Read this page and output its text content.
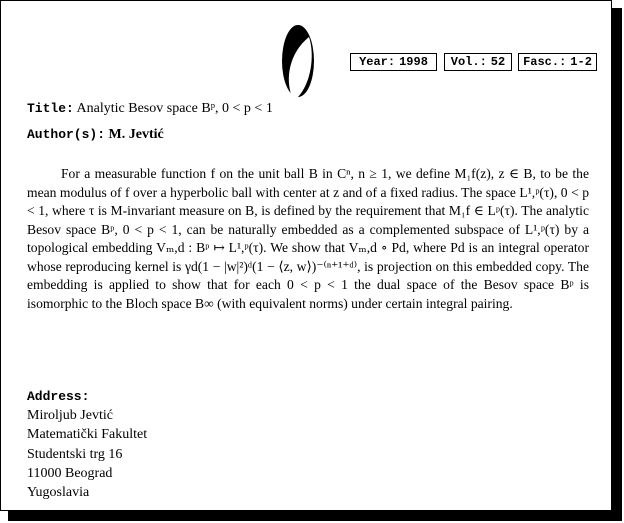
Year: 1998	Vol.: 52	Fasc.: 1-2
Title: Analytic Besov space Bᵖ, 0 < p < 1
Author(s): M. Jevtić

For a measurable function f on the unit ball B in Cⁿ, n ≥ 1, we define M₁f(z), z ∈ B, to be the mean modulus of f over a hyperbolic ball with center at z and of a fixed radius. The space L¹,ᵖ(τ), 0 < p < 1, where τ is M-invariant measure on B, is defined by the requirement that M₁f ∈ Lᵖ(τ). The analytic Besov space Bᵖ, 0 < p < 1, can be naturally embedded as a complemented subspace of L¹,ᵖ(τ) by a topological embedding Vₘ,d : Bᵖ ↦ L¹,ᵖ(τ). We show that Vₘ,d ∘ Pd, where Pd is an integral operator whose reproducing kernel is γd(1 − |w|²)ᵈ(1 − ⟨z, w⟩)⁻⁽ⁿ⁺¹⁺ᵈ⁾, is projection on this embedded copy. The embedding is applied to show that for each 0 < p < 1 the dual space of the Besov space Bᵖ is isomorphic to the Bloch space B∞ (with equivalent norms) under certain integral pairing.

Address:
Miroljub Jevtić
Matematički Fakultet
Studentski trg 16
11000 Beograd
Yugoslavia
